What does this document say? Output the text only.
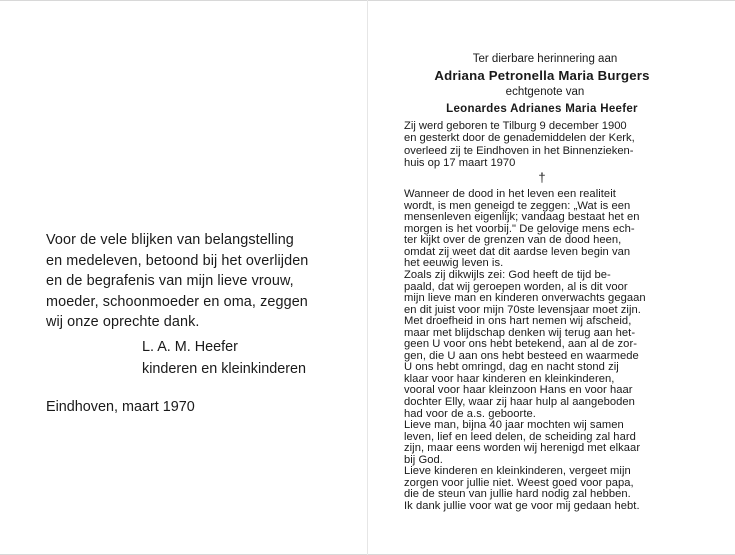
Voor de vele blijken van belangstelling
en medeleven, betoond bij het overlijden
en de begrafenis van mijn lieve vrouw,
moeder, schoonmoeder en oma, zeggen
wij onze oprechte dank.
L. A. M. Heefer
kinderen en kleinkinderen
Eindhoven, maart 1970
Ter dierbare herinnering aan
Adriana Petronella Maria Burgers
echtgenote van
Leonardes Adrianes Maria Heefer
Zij werd geboren te Tilburg 9 december 1900
en gesterkt door de genademiddelen der Kerk,
overleed zij te Eindhoven in het Binnenzieken-
huis op 17 maart 1970
†
Wanneer de dood in het leven een realiteit
wordt, is men geneigd te zeggen: „Wat is een
mensenleven eigenlijk; vandaag bestaat het en
morgen is het voorbij." De gelovige mens ech-
ter kijkt over de grenzen van de dood heen,
omdat zij weet dat dit aardse leven begin van
het eeuwig leven is.
Zoals zij dikwijls zei: God heeft de tijd be-
paald, dat wij geroepen worden, al is dit voor
mijn lieve man en kinderen onverwachts gegaan
en dit juist voor mijn 70ste levensjaar moet zijn.
Met droefheid in ons hart nemen wij afscheid,
maar met blijdschap denken wij terug aan het-
geen U voor ons hebt betekend, aan al de zor-
gen, die U aan ons hebt besteed en waarmede
U ons hebt omringd, dag en nacht stond zij
klaar voor haar kinderen en kleinkinderen,
vooral voor haar kleinzoon Hans en voor haar
dochter Elly, waar zij haar hulp al aangeboden
had voor de a.s. geboorte.
Lieve man, bijna 40 jaar mochten wij samen
leven, lief en leed delen, de scheiding zal hard
zijn, maar eens worden wij herenigd met elkaar
bij God.
Lieve kinderen en kleinkinderen, vergeet mijn
zorgen voor jullie niet. Weest goed voor papa,
die de steun van jullie hard nodig zal hebben.
Ik dank jullie voor wat ge voor mij gedaan hebt.
